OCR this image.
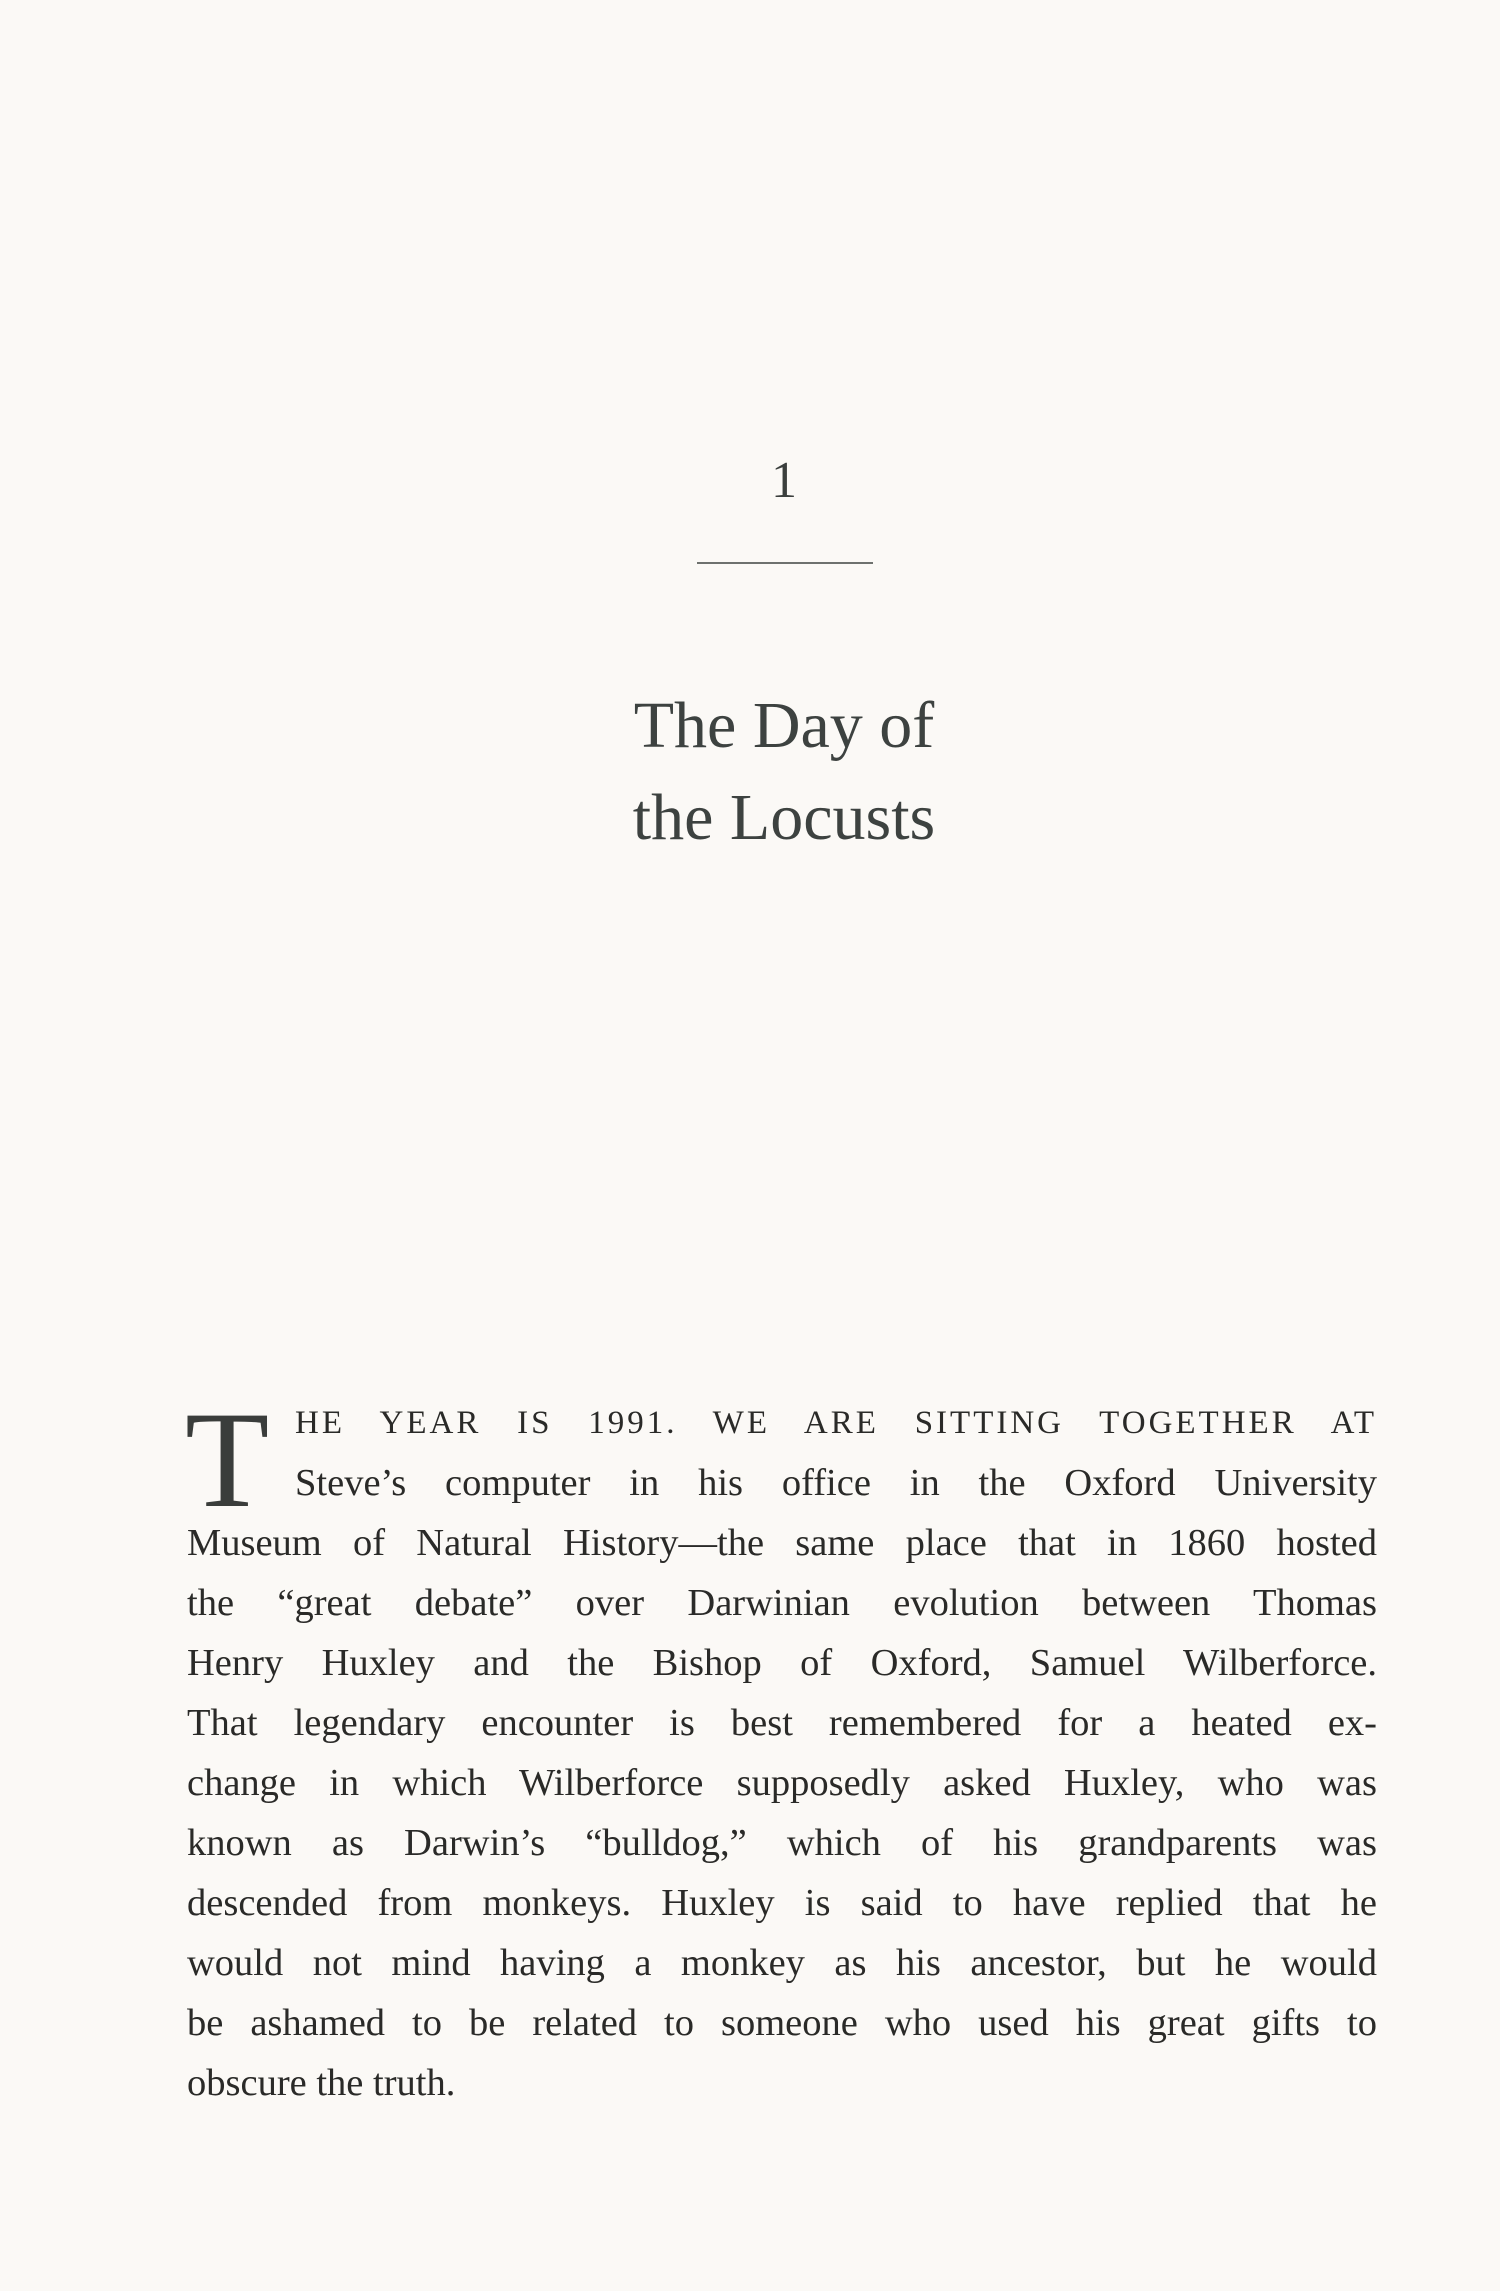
1
The Day of
the Locusts
T HE YEAR IS 1991. WE ARE SITTING TOGETHER AT
Steve’s computer in his office in the Oxford University
Museum of Natural History—the same place that in 1860 hosted
the “great debate” over Darwinian evolution between Thomas
Henry Huxley and the Bishop of Oxford, Samuel Wilberforce.
That legendary encounter is best remembered for a heated ex-
change in which Wilberforce supposedly asked Huxley, who was
known as Darwin’s “bulldog,” which of his grandparents was
descended from monkeys. Huxley is said to have replied that he
would not mind having a monkey as his ancestor, but he would
be ashamed to be related to someone who used his great gifts to
obscure the truth.
